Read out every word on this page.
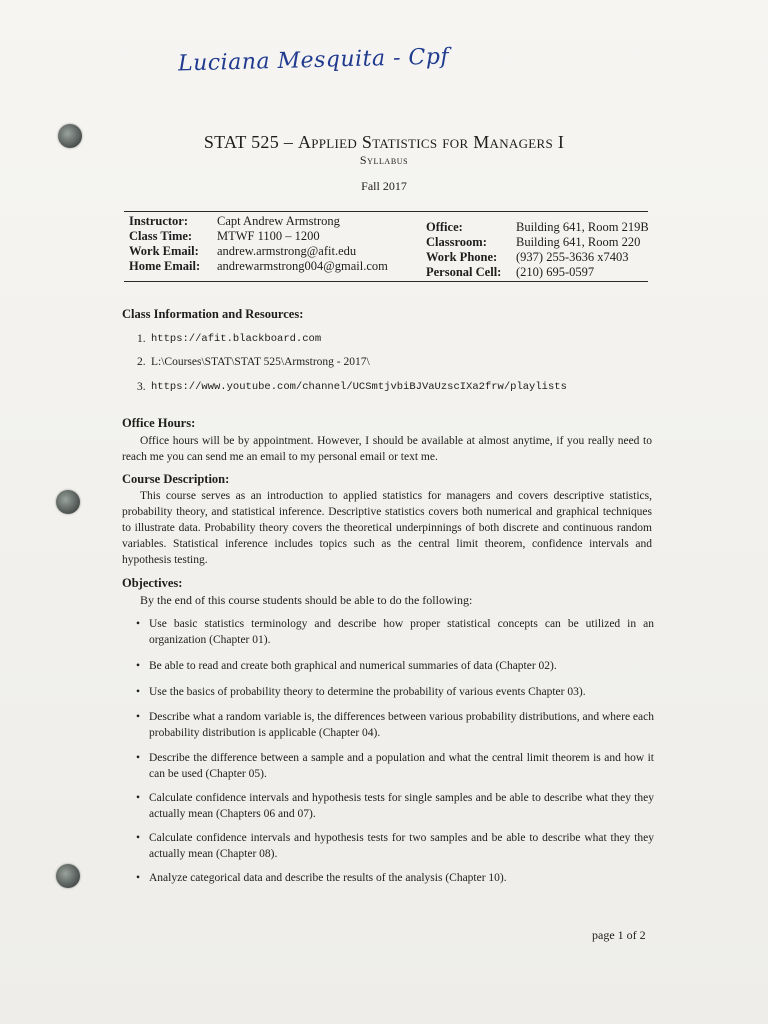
Luciana Mesquita - Cpf
STAT 525 – Applied Statistics for Managers I
Syllabus
Fall 2017
Instructor:	Capt Andrew Armstrong
Class Time:	MTWF 1100 – 1200
Work Email:	andrew.armstrong@afit.edu
Home Email:	andrewarmstrong004@gmail.com
Office:	Building 641, Room 219B
Classroom:	Building 641, Room 220
Work Phone:	(937) 255-3636 x7403
Personal Cell:	(210) 695-0597
Class Information and Resources:
1. https://afit.blackboard.com
2. L:\Courses\STAT\STAT 525\Armstrong - 2017\
3. https://www.youtube.com/channel/UCSmtjvbiBJVaUzscIXa2frw/playlists
Office Hours:
Office hours will be by appointment. However, I should be available at almost anytime, if you really need to reach me you can send me an email to my personal email or text me.
Course Description:
This course serves as an introduction to applied statistics for managers and covers descriptive statistics, probability theory, and statistical inference. Descriptive statistics covers both numerical and graphical techniques to illustrate data. Probability theory covers the theoretical underpinnings of both discrete and continuous random variables. Statistical inference includes topics such as the central limit theorem, confidence intervals and hypothesis testing.
Objectives:
By the end of this course students should be able to do the following:
• Use basic statistics terminology and describe how proper statistical concepts can be utilized in an organization (Chapter 01).
• Be able to read and create both graphical and numerical summaries of data (Chapter 02).
• Use the basics of probability theory to determine the probability of various events Chapter 03).
• Describe what a random variable is, the differences between various probability distributions, and where each probability distribution is applicable (Chapter 04).
• Describe the difference between a sample and a population and what the central limit theorem is and how it can be used (Chapter 05).
• Calculate confidence intervals and hypothesis tests for single samples and be able to describe what they they actually mean (Chapters 06 and 07).
• Calculate confidence intervals and hypothesis tests for two samples and be able to describe what they they actually mean (Chapter 08).
• Analyze categorical data and describe the results of the analysis (Chapter 10).
page 1 of 2
